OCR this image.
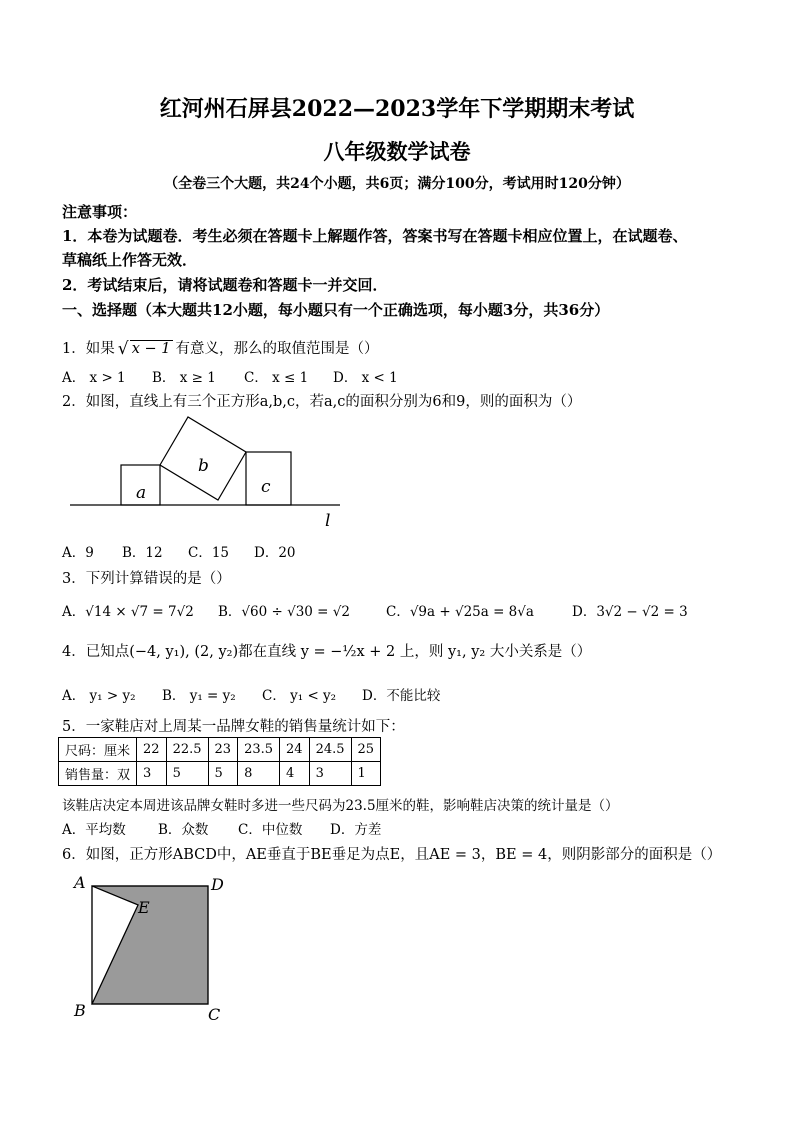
红河州石屏县2022—2023学年下学期期末考试
八年级数学试卷
（全卷三个大题，共24个小题，共6页；满分100分，考试用时120分钟）
注意事项：
1．本卷为试题卷．考生必须在答题卡上解题作答，答案书写在答题卡相应位置上，在试题卷、
草稿纸上作答无效．
2．考试结束后，请将试题卷和答题卡一并交回．
一、选择题（本大题共12小题，每小题只有一个正确选项，每小题3分，共36分）
1．如果 √ x − 1 有意义，那么的取值范围是（）
A． x > 1 B． x ≥ 1 C． x ≤ 1 D． x < 1
2．如图，直线上有三个正方形a,b,c，若a,c的面积分别为6和9，则的面积为（）
a
b
c
l
A．9 B．12 C．15 D．20
3．下列计算错误的是（）
A．√14 × √7 = 7√2 B．√60 ÷ √30 = √2	C．√9a + √25a = 8√a	D．3√2 − √2 = 3
4．已知点(−4, y₁), (2, y₂)都在直线 y = −½x + 2 上，则 y₁, y₂ 大小关系是（）
A． y₁ > y₂ B． y₁ = y₂ C． y₁ < y₂ D．不能比较
5．一家鞋店对上周某一品牌女鞋的销售量统计如下：
尺码：厘米	22	22.5	23	23.5	24	24.5	25
销售量：双	3	5	5	8	4	3	1
该鞋店决定本周进该品牌女鞋时多进一些尺码为23.5厘米的鞋，影响鞋店决策的统计量是（）
A．平均数 B．众数 C．中位数 D．方差
6．如图，正方形ABCD中，AE垂直于BE垂足为点E，且AE = 3，BE = 4，则阴影部分的面积是（）
A	D
E
B	C
